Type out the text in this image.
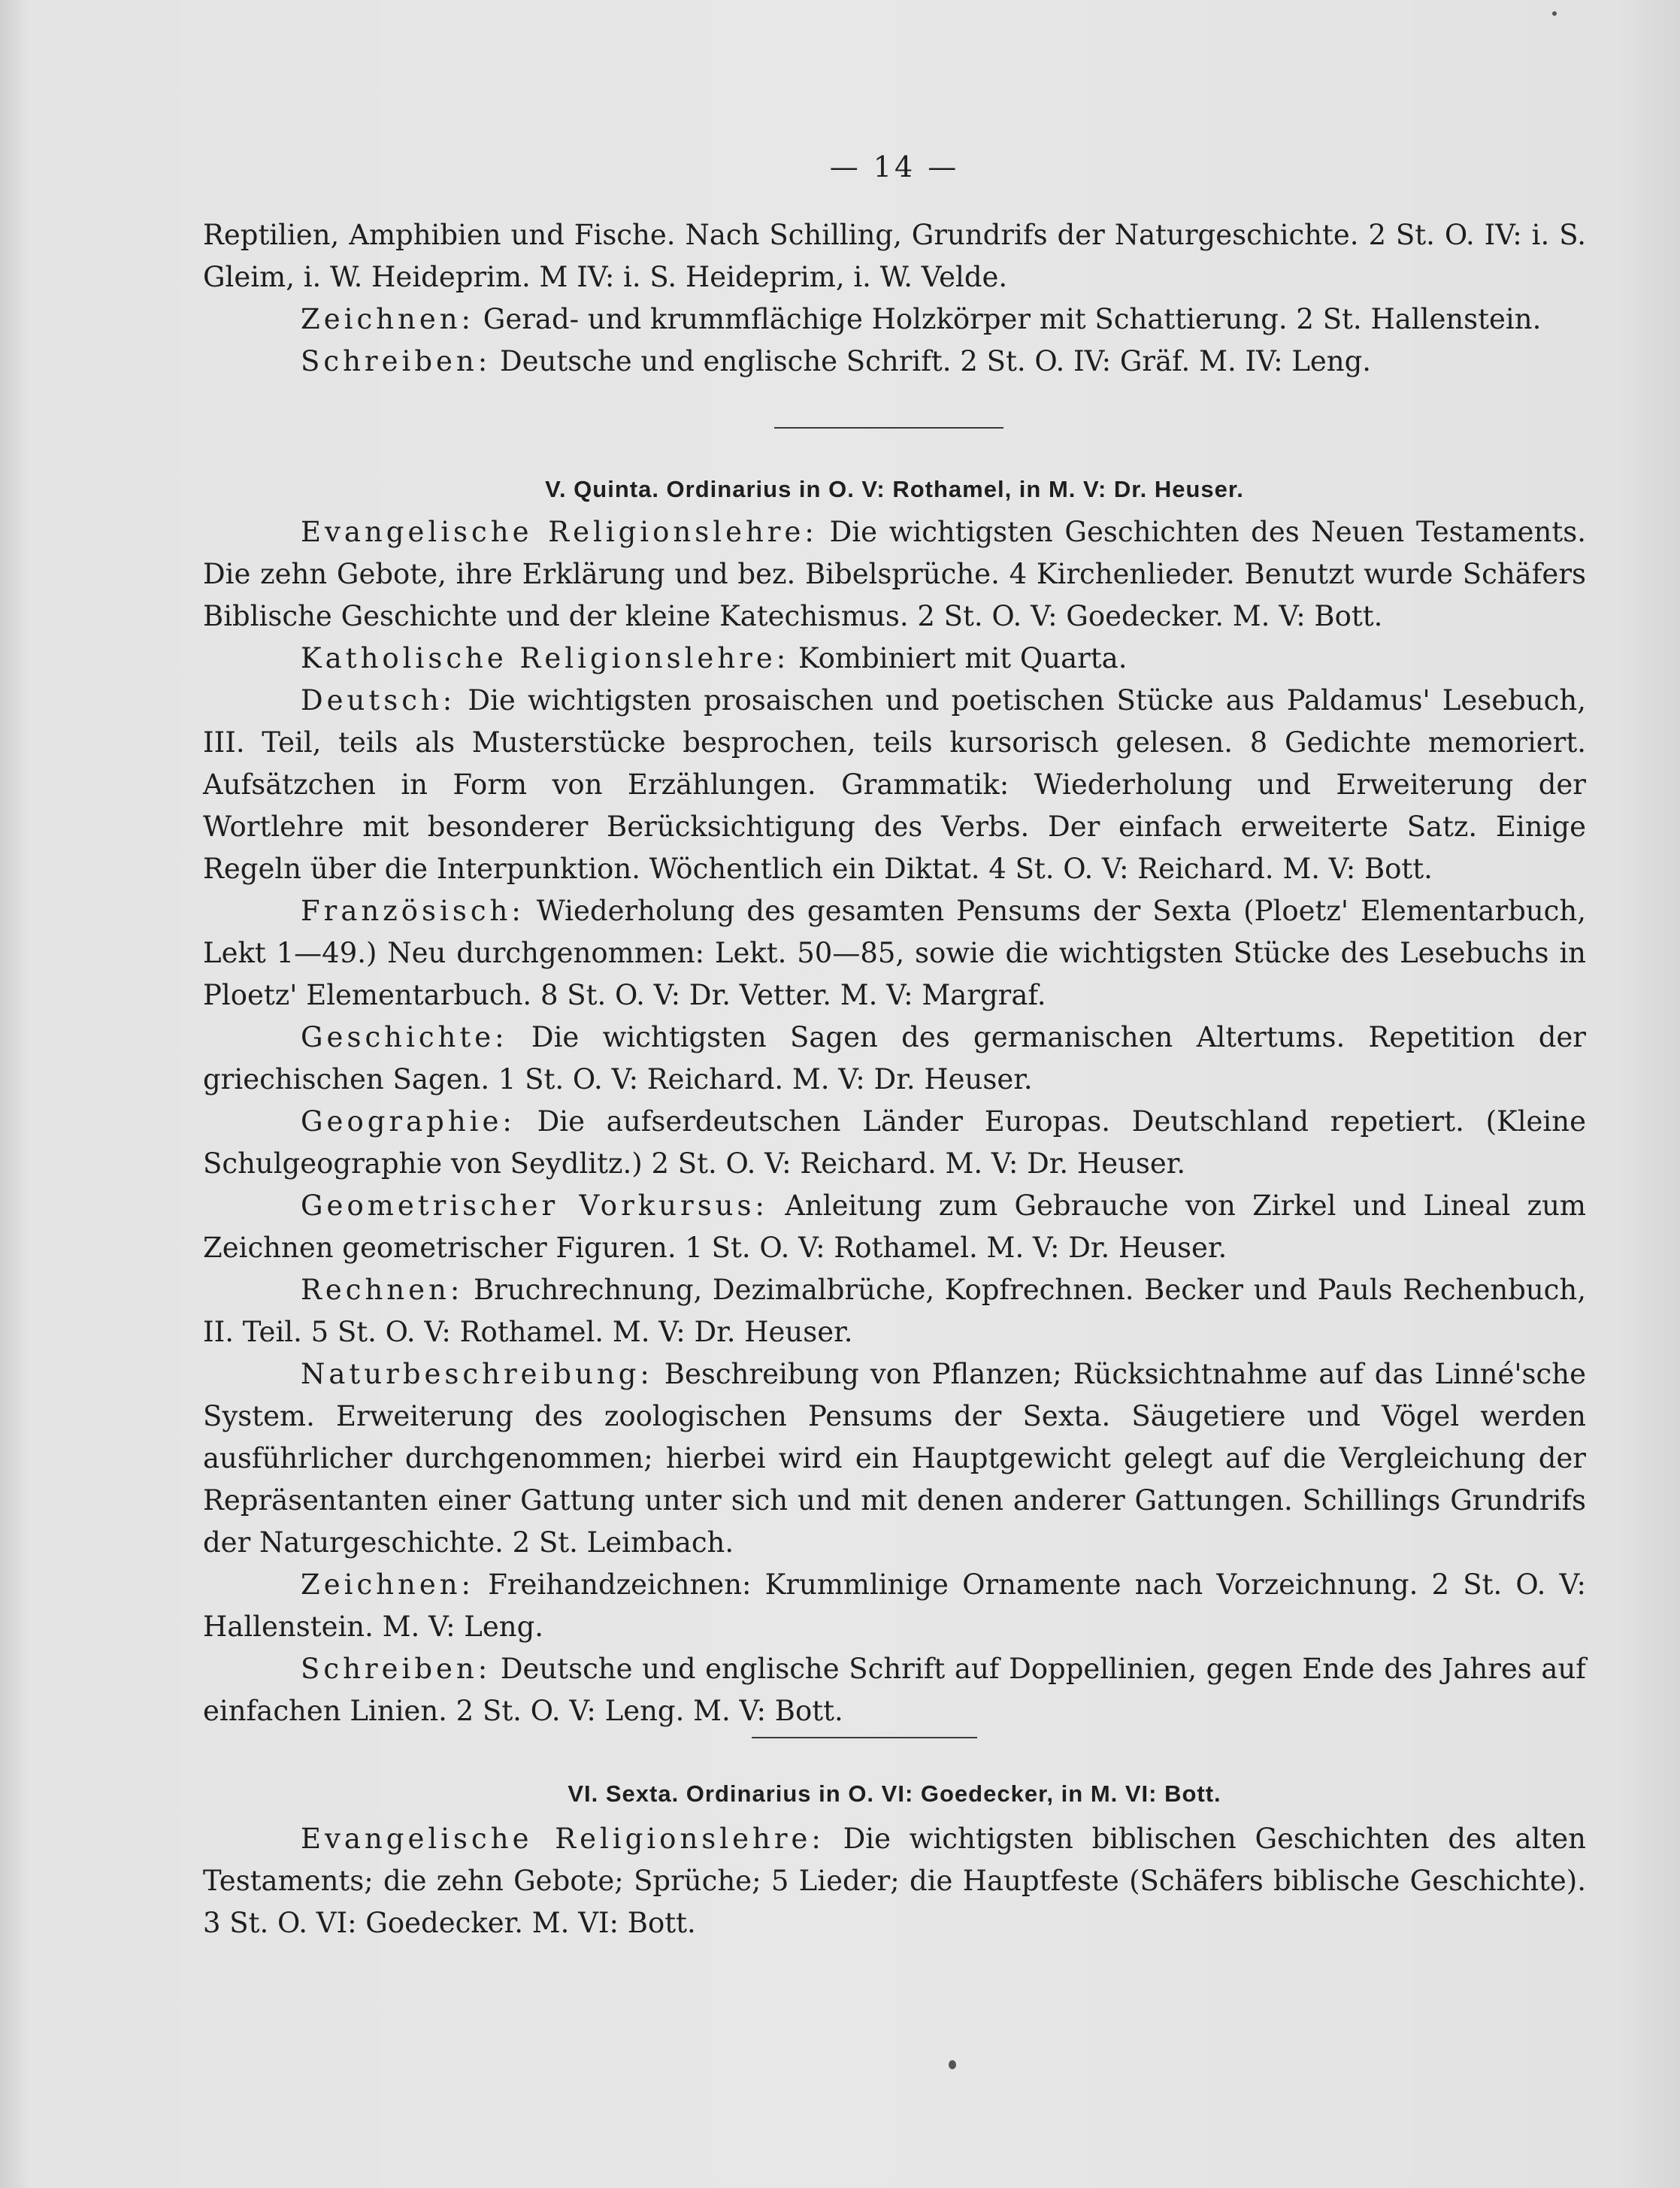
— 14 —

Reptilien, Amphibien und Fische. Nach Schilling, Grundrifs der Naturgeschichte. 2 St. O. IV: i. S. Gleim, i. W. Heideprim. M IV: i. S. Heideprim, i. W. Velde.

Zeichnen: Gerad- und krummflächige Holzkörper mit Schattierung. 2 St. Hallenstein.

Schreiben: Deutsche und englische Schrift. 2 St. O. IV: Gräf. M. IV: Leng.

V. Quinta. Ordinarius in O. V: Rothamel, in M. V: Dr. Heuser.

Evangelische Religionslehre: Die wichtigsten Geschichten des Neuen Testaments. Die zehn Gebote, ihre Erklärung und bez. Bibelsprüche. 4 Kirchenlieder. Benutzt wurde Schäfers Biblische Geschichte und der kleine Katechismus. 2 St. O. V: Goedecker. M. V: Bott.

Katholische Religionslehre: Kombiniert mit Quarta.

Deutsch: Die wichtigsten prosaischen und poetischen Stücke aus Paldamus' Lesebuch, III. Teil, teils als Musterstücke besprochen, teils kursorisch gelesen. 8 Gedichte memoriert. Aufsätzchen in Form von Erzählungen. Grammatik: Wiederholung und Erweiterung der Wortlehre mit besonderer Berücksichtigung des Verbs. Der einfach erweiterte Satz. Einige Regeln über die Interpunktion. Wöchentlich ein Diktat. 4 St. O. V: Reichard. M. V: Bott.

Französisch: Wiederholung des gesamten Pensums der Sexta (Ploetz' Elementarbuch, Lekt 1—49.) Neu durchgenommen: Lekt. 50—85, sowie die wichtigsten Stücke des Lesebuchs in Ploetz' Elementarbuch. 8 St. O. V: Dr. Vetter. M. V: Margraf.

Geschichte: Die wichtigsten Sagen des germanischen Altertums. Repetition der griechischen Sagen. 1 St. O. V: Reichard. M. V: Dr. Heuser.

Geographie: Die aufserdeutschen Länder Europas. Deutschland repetiert. (Kleine Schulgeographie von Seydlitz.) 2 St. O. V: Reichard. M. V: Dr. Heuser.

Geometrischer Vorkursus: Anleitung zum Gebrauche von Zirkel und Lineal zum Zeichnen geometrischer Figuren. 1 St. O. V: Rothamel. M. V: Dr. Heuser.

Rechnen: Bruchrechnung, Dezimalbrüche, Kopfrechnen. Becker und Pauls Rechenbuch, II. Teil. 5 St. O. V: Rothamel. M. V: Dr. Heuser.

Naturbeschreibung: Beschreibung von Pflanzen; Rücksichtnahme auf das Linné'sche System. Erweiterung des zoologischen Pensums der Sexta. Säugetiere und Vögel werden ausführlicher durchgenommen; hierbei wird ein Hauptgewicht gelegt auf die Vergleichung der Repräsentanten einer Gattung unter sich und mit denen anderer Gattungen. Schillings Grundrifs der Naturgeschichte. 2 St. Leimbach.

Zeichnen: Freihandzeichnen: Krummlinige Ornamente nach Vorzeichnung. 2 St. O. V: Hallenstein. M. V: Leng.

Schreiben: Deutsche und englische Schrift auf Doppellinien, gegen Ende des Jahres auf einfachen Linien. 2 St. O. V: Leng. M. V: Bott.

VI. Sexta. Ordinarius in O. VI: Goedecker, in M. VI: Bott.

Evangelische Religionslehre: Die wichtigsten biblischen Geschichten des alten Testaments; die zehn Gebote; Sprüche; 5 Lieder; die Hauptfeste (Schäfers biblische Geschichte). 3 St. O. VI: Goedecker. M. VI: Bott.
